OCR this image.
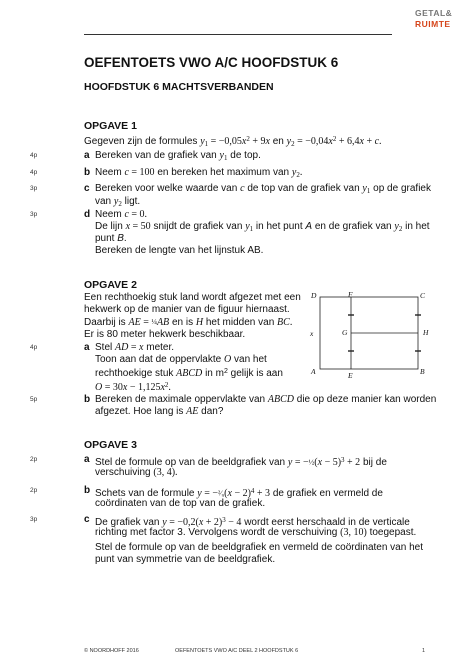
GETAL&
RUIMTE
OEFENTOETS VWO A/C HOOFDSTUK 6
HOOFDSTUK 6 MACHTSVERBANDEN
OPGAVE 1
Gegeven zijn de formules $y_1 = -0,05x^2 + 9x$ en $y_2 = -0,04x^2 + 6,4x + c$.
4p	a Bereken van de grafiek van $y_1$ de top.
4p	b Neem c = 100 en bereken het maximum van $y_2$.
3p	c Bereken voor welke waarde van c de top van de grafiek van $y_1$ op de grafiek
van $y_2$ ligt.
3p	d Neem c = 0.
De lijn x = 50 snijdt de grafiek van $y_1$ in het punt A en de grafiek van $y_2$ in het
punt B.
Bereken de lengte van het lijnstuk AB.
OPGAVE 2
Een rechthoekig stuk land wordt afgezet met een
hekwerk op de manier van de figuur hiernaast.
Daarbij is AE = ¼AB en is H het midden van BC.
Er is 80 meter hekwerk beschikbaar.
4p	a Stel AD = x meter.
Toon aan dat de oppervlakte O van het
rechthoekige stuk ABCD in $m^2$ gelijk is aan
$O = 30x - 1,125x^2$.
5p	b Bereken de maximale oppervlakte van ABCD die op deze manier kan worden
afgezet. Hoe lang is AE dan?
D	F	C
x	G	H
A	E	B
OPGAVE 3
2p	a Stel de formule op van de beeldgrafiek van y = −½(x − 5)$^3$ + 2 bij de
verschuiving (3, 4).
2p	b Schets van de formule y = −²⁄₉(x − 2)$^4$ + 3 de grafiek en vermeld de
coördinaten van de top van de grafiek.
3p	c De grafiek van $y = -0,2(x + 2)^3 - 4$ wordt eerst herschaald in de verticale
richting met factor 3. Vervolgens wordt de verschuiving (3, 10) toegepast.
Stel de formule op van de beeldgrafiek en vermeld de coördinaten van het
punt van symmetrie van de beeldgrafiek.
© NOORDHOFF 2016	OEFENTOETS VWO A/C DEEL 2 HOOFDSTUK 6	1
